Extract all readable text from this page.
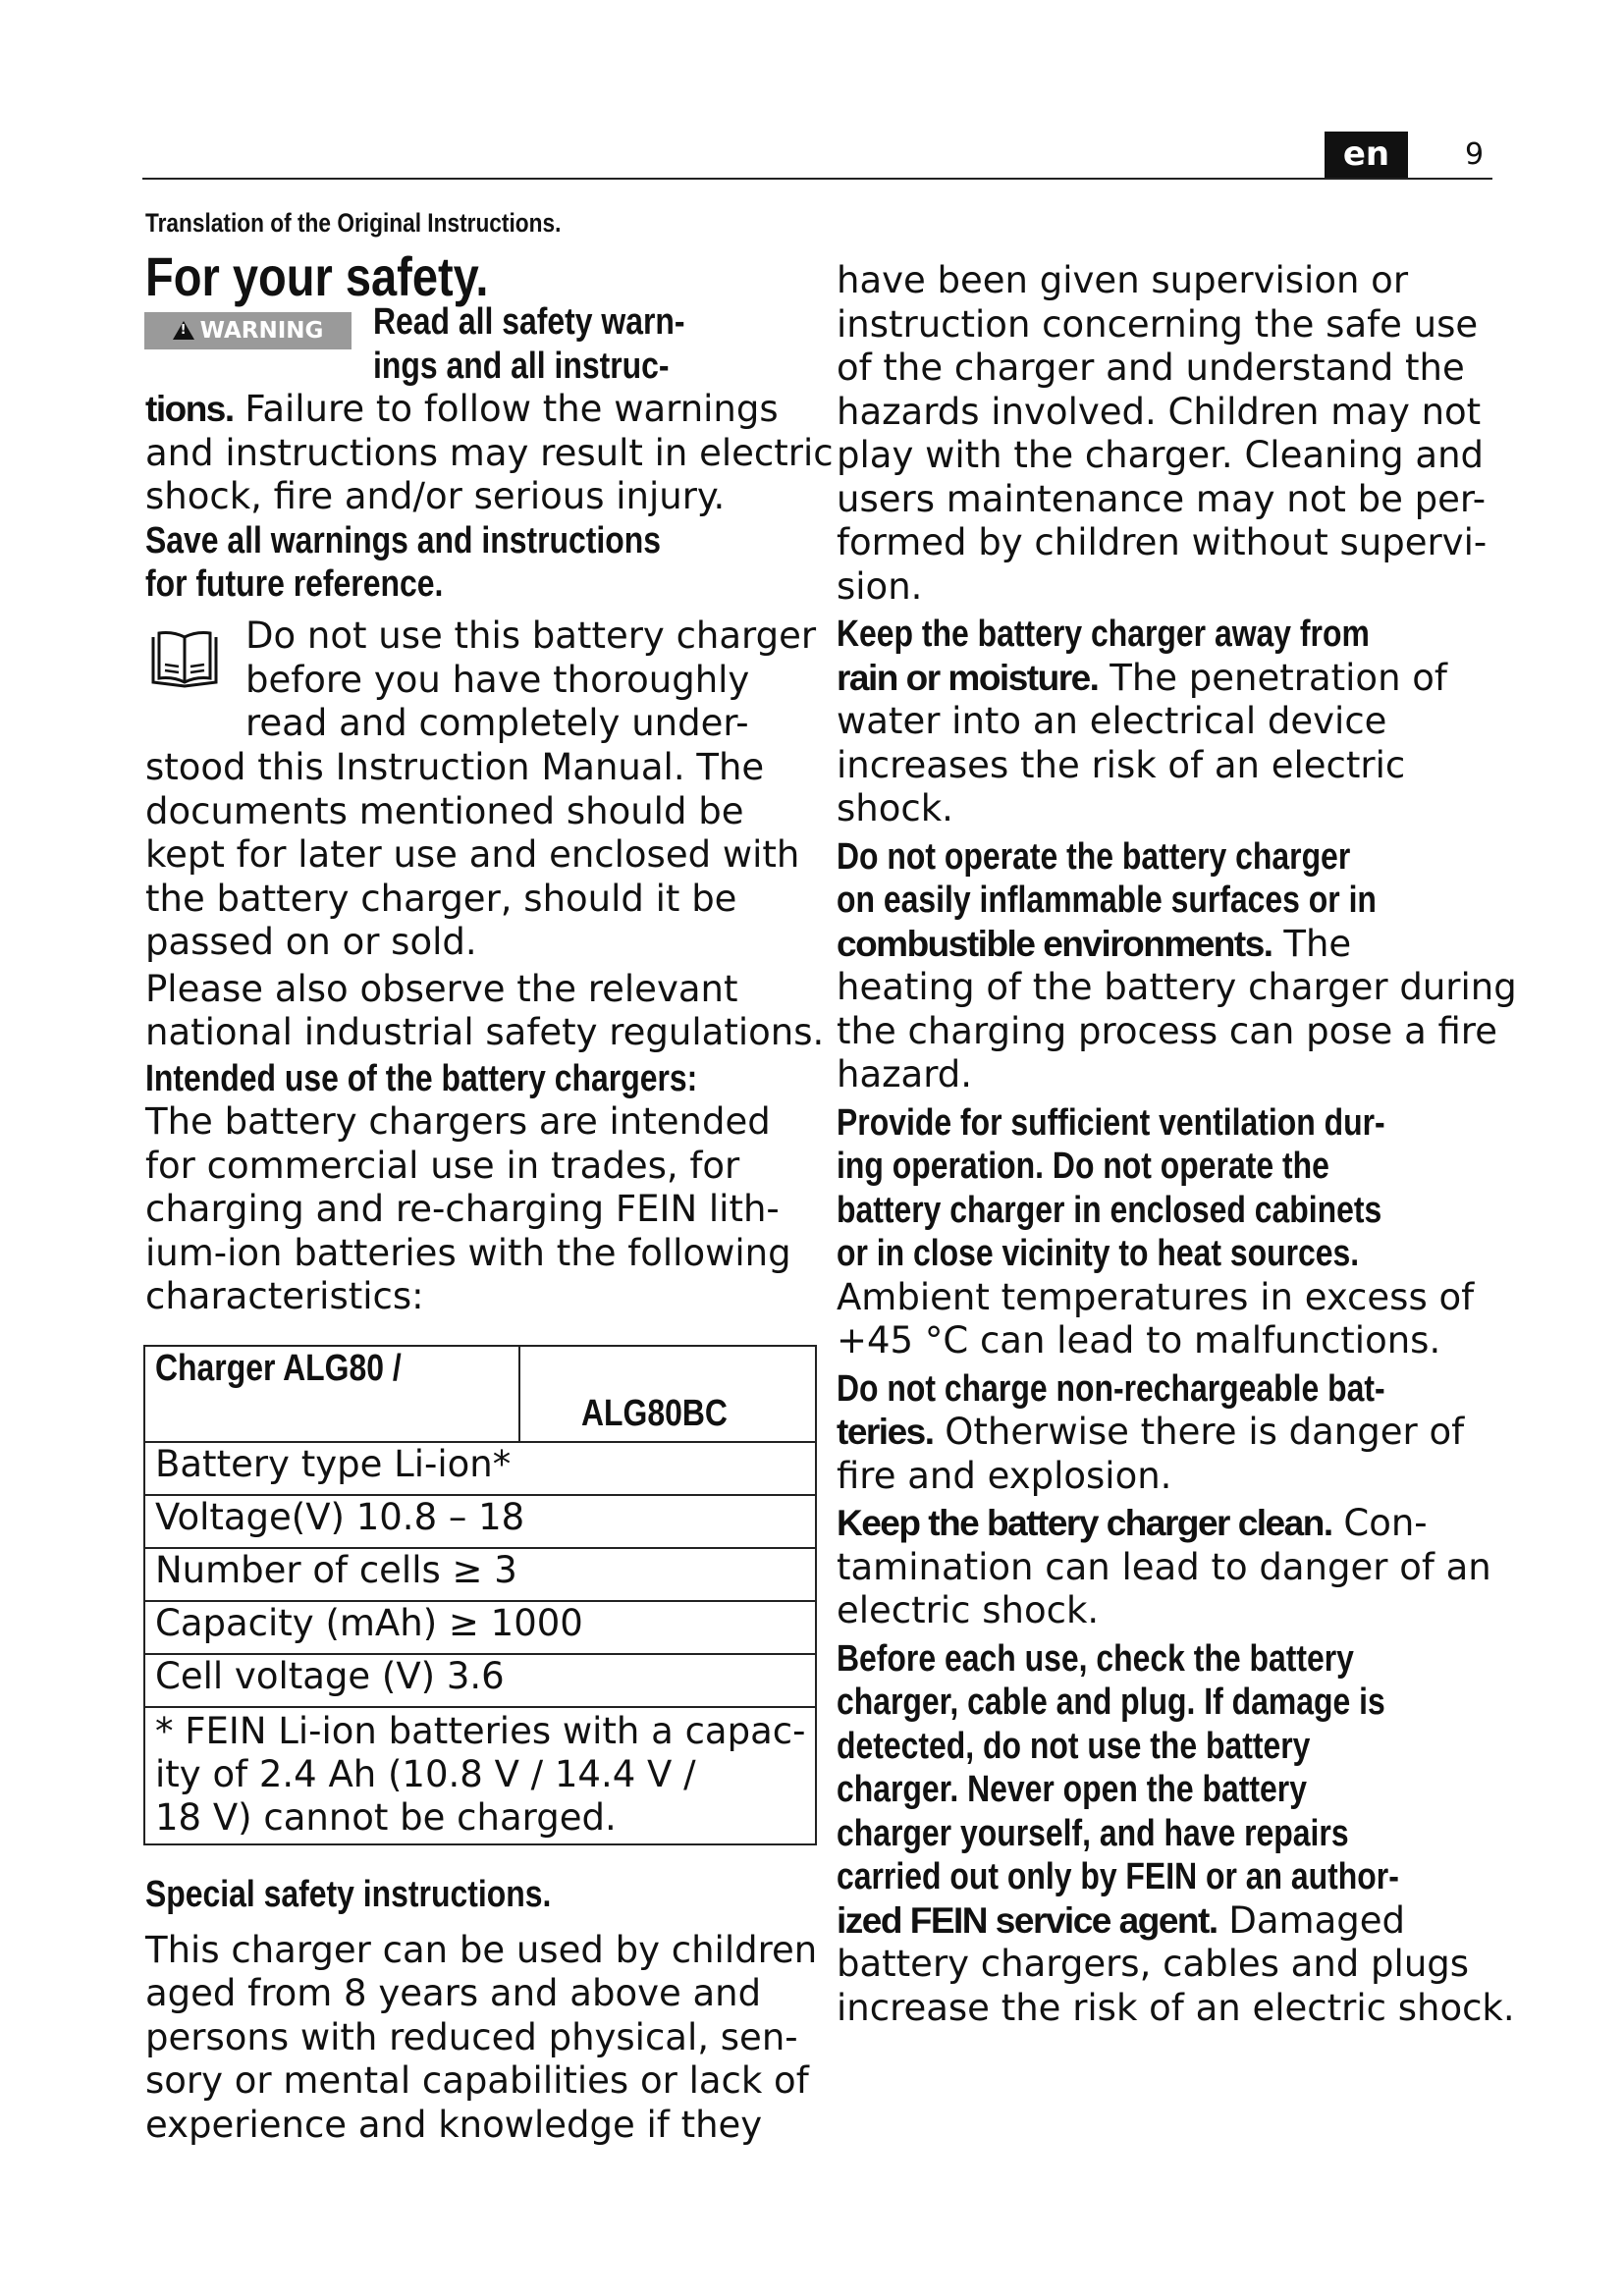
en	9
Translation of the Original Instructions.
For your safety.
!WARNING	Read all safety warn-
ings and all instruc-
tions. Failure to follow the warnings
and instructions may result in electric
shock, fire and/or serious injury.
Save all warnings and instructions
for future reference.
Do not use this battery charger
before you have thoroughly
read and completely under-
stood this Instruction Manual. The
documents mentioned should be
kept for later use and enclosed with
the battery charger, should it be
passed on or sold.
Please also observe the relevant
national industrial safety regulations.
Intended use of the battery chargers:
The battery chargers are intended
for commercial use in trades, for
charging and re-charging FEIN lith-
ium-ion batteries with the following
characteristics:
Charger ALG80 /	ALG80BC
Battery type Li-ion*
Voltage(V) 10.8 – 18
Number of cells ≥ 3
Capacity (mAh) ≥ 1000
Cell voltage (V) 3.6

* FEIN Li-ion batteries with a capac-
ity of 2.4 Ah (10.8 V / 14.4 V /
18 V) cannot be charged.
Special safety instructions.
This charger can be used by children
aged from 8 years and above and
persons with reduced physical, sen-
sory or mental capabilities or lack of
experience and knowledge if they
have been given supervision or
instruction concerning the safe use
of the charger and understand the
hazards involved. Children may not
play with the charger. Cleaning and
users maintenance may not be per-
formed by children without supervi-
sion.
Keep the battery charger away from
rain or moisture. The penetration of
water into an electrical device
increases the risk of an electric
shock.
Do not operate the battery charger
on easily inflammable surfaces or in
combustible environments. The
heating of the battery charger during
the charging process can pose a fire
hazard.
Provide for sufficient ventilation dur-
ing operation. Do not operate the
battery charger in enclosed cabinets
or in close vicinity to heat sources.
Ambient temperatures in excess of
+45 °C can lead to malfunctions.
Do not charge non-rechargeable bat-
teries. Otherwise there is danger of
fire and explosion.
Keep the battery charger clean. Con-
tamination can lead to danger of an
electric shock.
Before each use, check the battery
charger, cable and plug. If damage is
detected, do not use the battery
charger. Never open the battery
charger yourself, and have repairs
carried out only by FEIN or an author-
ized FEIN service agent. Damaged
battery chargers, cables and plugs
increase the risk of an electric shock.
